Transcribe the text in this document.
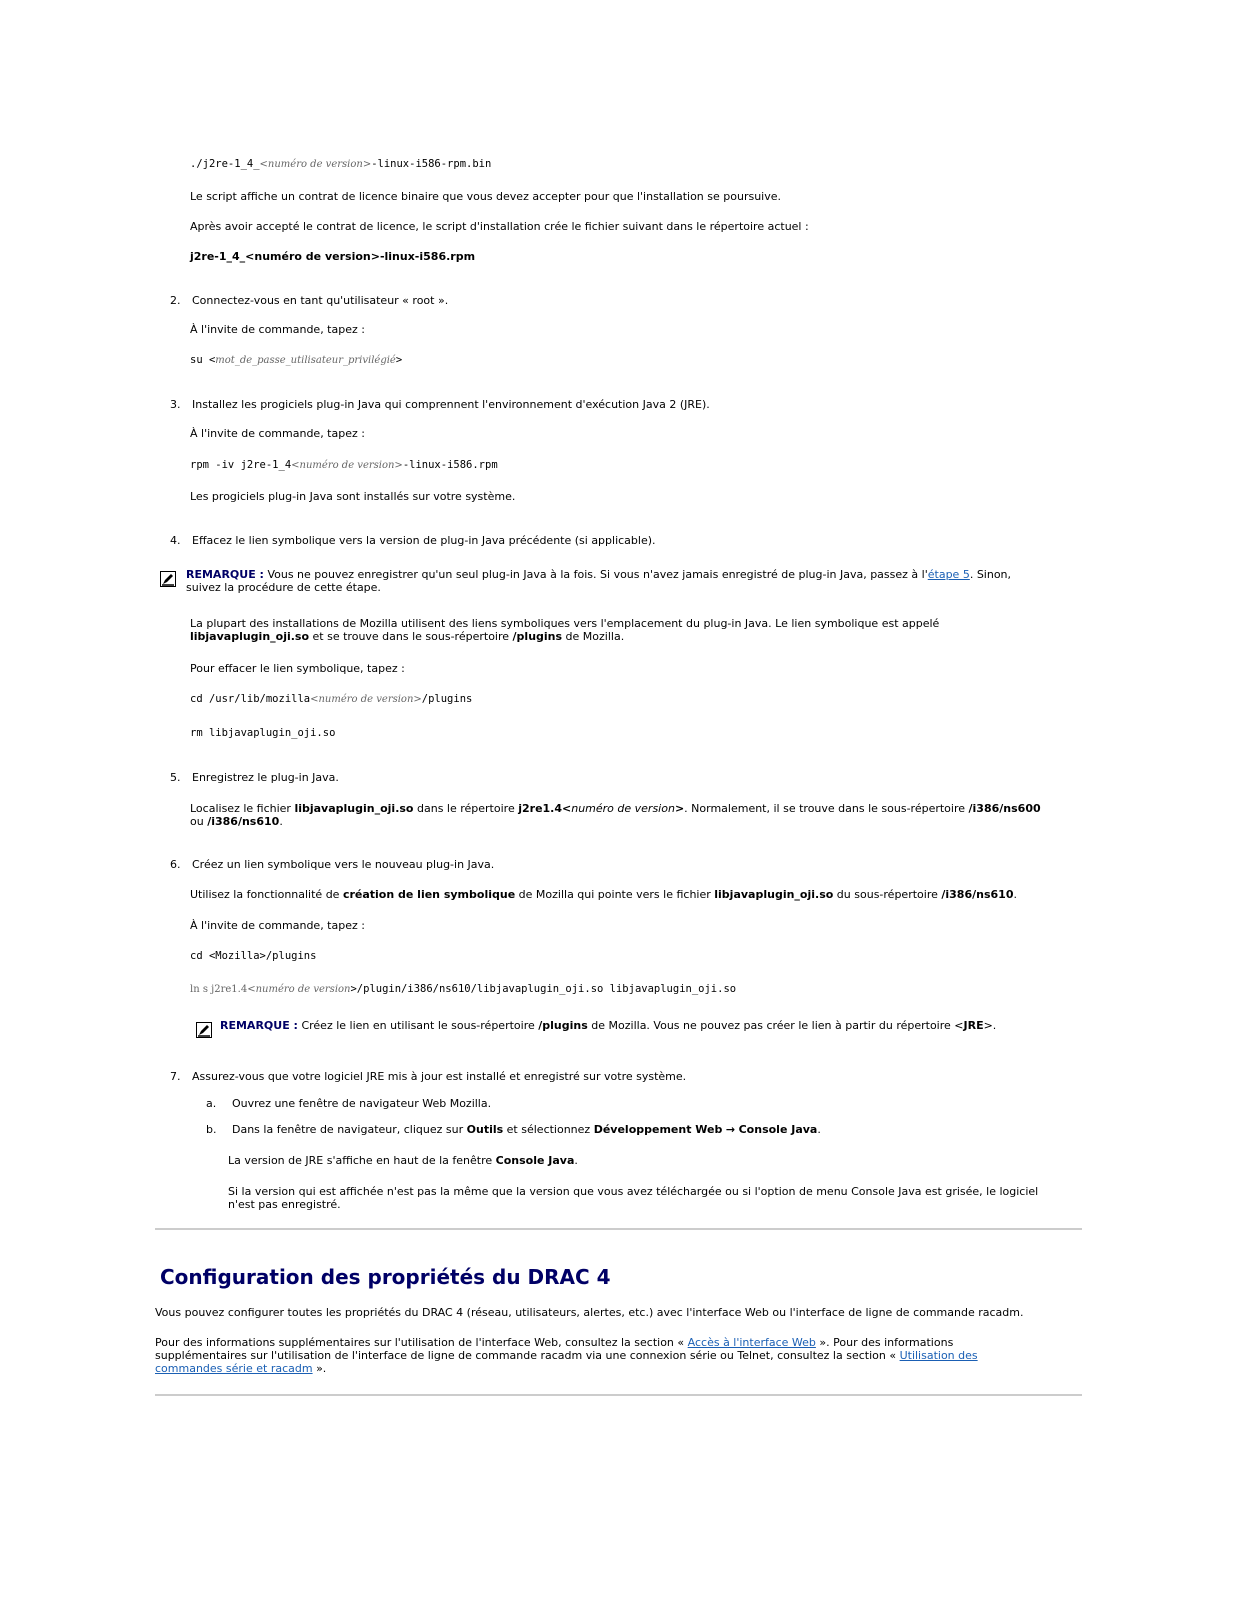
./j2re-1_4_<numéro de version>-linux-i586-rpm.bin
Le script affiche un contrat de licence binaire que vous devez accepter pour que l'installation se poursuive.
Après avoir accepté le contrat de licence, le script d'installation crée le fichier suivant dans le répertoire actuel :
j2re-1_4_<numéro de version>-linux-i586.rpm
2. Connectez-vous en tant qu'utilisateur « root ».
À l'invite de commande, tapez :
su <mot_de_passe_utilisateur_privilégié>
3. Installez les progiciels plug-in Java qui comprennent l'environnement d'exécution Java 2 (JRE).
À l'invite de commande, tapez :
rpm -iv j2re-1_4<numéro de version>-linux-i586.rpm
Les progiciels plug-in Java sont installés sur votre système.
4. Effacez le lien symbolique vers la version de plug-in Java précédente (si applicable).
REMARQUE : Vous ne pouvez enregistrer qu'un seul plug-in Java à la fois. Si vous n'avez jamais enregistré de plug-in Java, passez à l'étape 5. Sinon,
suivez la procédure de cette étape.
La plupart des installations de Mozilla utilisent des liens symboliques vers l'emplacement du plug-in Java. Le lien symbolique est appelé
libjavaplugin_oji.so et se trouve dans le sous-répertoire /plugins de Mozilla.
Pour effacer le lien symbolique, tapez :
cd /usr/lib/mozilla<numéro de version>/plugins
rm libjavaplugin_oji.so
5. Enregistrez le plug-in Java.
Localisez le fichier libjavaplugin_oji.so dans le répertoire j2re1.4<numéro de version>. Normalement, il se trouve dans le sous-répertoire /i386/ns600
ou /i386/ns610.
6. Créez un lien symbolique vers le nouveau plug-in Java.
Utilisez la fonctionnalité de création de lien symbolique de Mozilla qui pointe vers le fichier libjavaplugin_oji.so du sous-répertoire /i386/ns610.
À l'invite de commande, tapez :
cd <Mozilla>/plugins
ln s j2re1.4<numéro de version>/plugin/i386/ns610/libjavaplugin_oji.so libjavaplugin_oji.so
REMARQUE : Créez le lien en utilisant le sous-répertoire /plugins de Mozilla. Vous ne pouvez pas créer le lien à partir du répertoire <JRE>.
7. Assurez-vous que votre logiciel JRE mis à jour est installé et enregistré sur votre système.
a. Ouvrez une fenêtre de navigateur Web Mozilla.
b. Dans la fenêtre de navigateur, cliquez sur Outils et sélectionnez Développement Web → Console Java.
La version de JRE s'affiche en haut de la fenêtre Console Java.
Si la version qui est affichée n'est pas la même que la version que vous avez téléchargée ou si l'option de menu Console Java est grisée, le logiciel
n'est pas enregistré.
Configuration des propriétés du DRAC 4
Vous pouvez configurer toutes les propriétés du DRAC 4 (réseau, utilisateurs, alertes, etc.) avec l'interface Web ou l'interface de ligne de commande racadm.
Pour des informations supplémentaires sur l'utilisation de l'interface Web, consultez la section « Accès à l'interface Web ». Pour des informations
supplémentaires sur l'utilisation de l'interface de ligne de commande racadm via une connexion série ou Telnet, consultez la section « Utilisation des
commandes série et racadm ».
